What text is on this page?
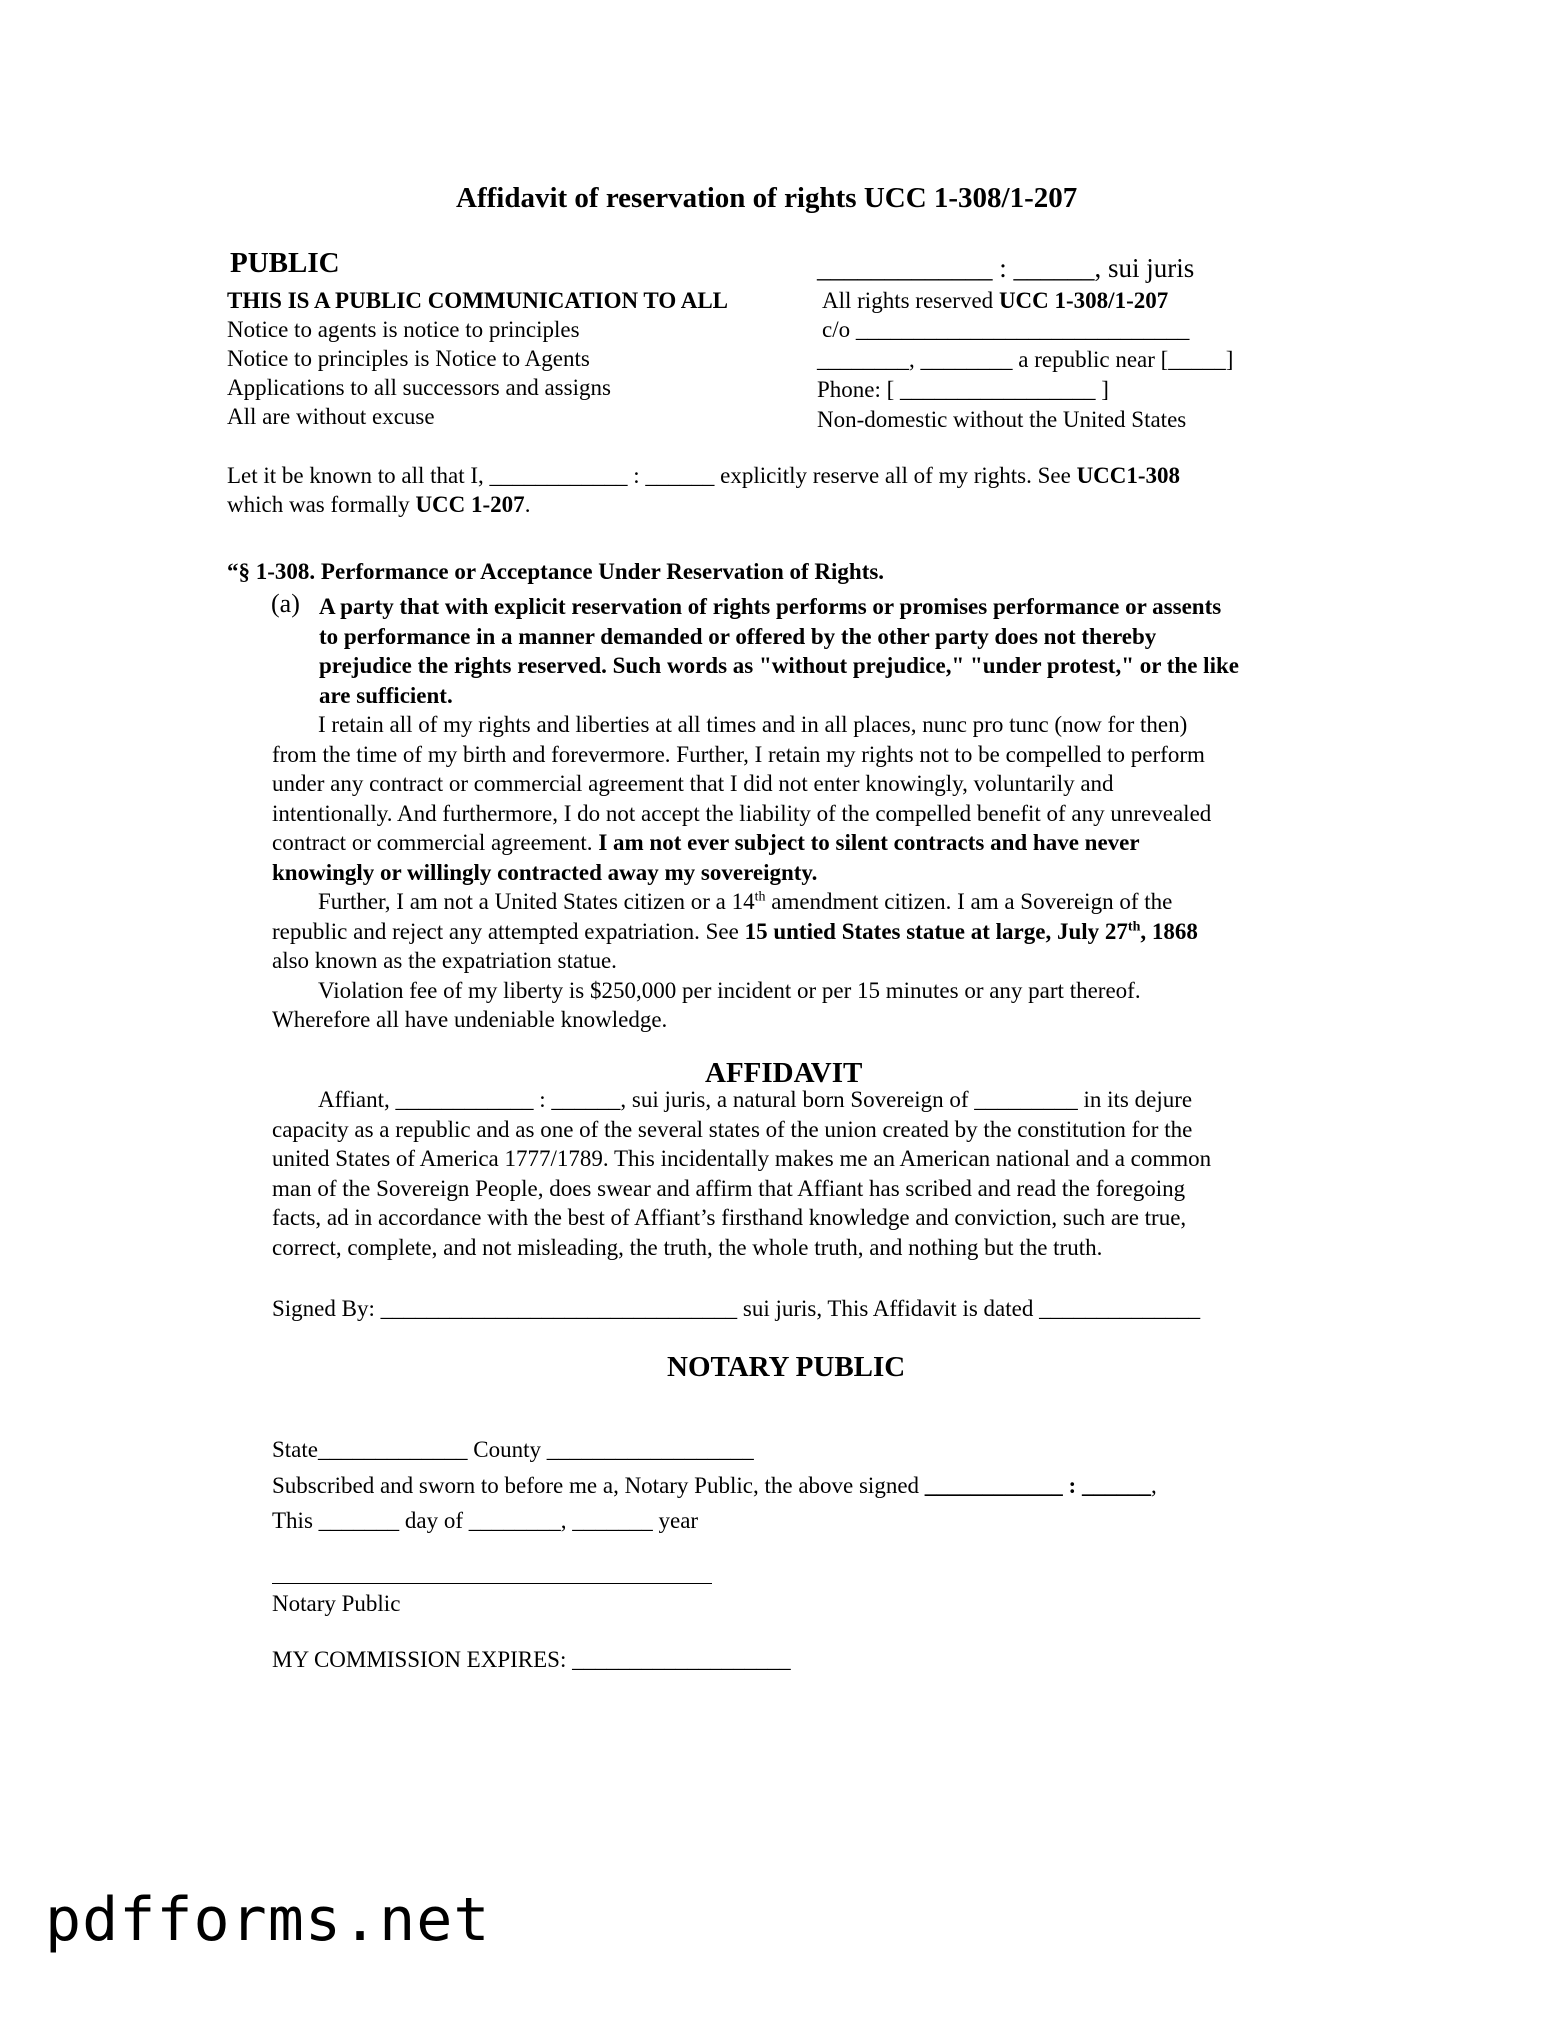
Affidavit of reservation of rights UCC 1-308/1-207
PUBLIC
THIS IS A PUBLIC COMMUNICATION TO ALL
Notice to agents is notice to principles
Notice to principles is Notice to Agents
Applications to all successors and assigns
All are without excuse
_____________ : ______, sui juris
All rights reserved UCC 1-308/1-207
c/o _____________________________
________, ________ a republic near [_____]
Phone: [ _________________ ]
Non-domestic without the United States
Let it be known to all that I, ____________ : ______ explicitly reserve all of my rights. See UCC1-308
which was formally UCC 1-207.
“§ 1-308. Performance or Acceptance Under Reservation of Rights.
(a) A party that with explicit reservation of rights performs or promises performance or assents

to performance in a manner demanded or offered by the other party does not thereby

prejudice the rights reserved. Such words as "without prejudice," "under protest," or the like

are sufficient.

I retain all of my rights and liberties at all times and in all places, nunc pro tunc (now for then)

from the time of my birth and forevermore. Further, I retain my rights not to be compelled to perform

under any contract or commercial agreement that I did not enter knowingly, voluntarily and

intentionally. And furthermore, I do not accept the liability of the compelled benefit of any unrevealed

contract or commercial agreement. I am not ever subject to silent contracts and have never

knowingly or willingly contracted away my sovereignty.

Further, I am not a United States citizen or a 14th amendment citizen. I am a Sovereign of the

republic and reject any attempted expatriation. See 15 untied States statue at large, July 27th, 1868

also known as the expatriation statue.

Violation fee of my liberty is $250,000 per incident or per 15 minutes or any part thereof.

Wherefore all have undeniable knowledge.

AFFIDAVIT

Affiant, ____________ : ______, sui juris, a natural born Sovereign of _________ in its dejure

capacity as a republic and as one of the several states of the union created by the constitution for the

united States of America 1777/1789. This incidentally makes me an American national and a common

man of the Sovereign People, does swear and affirm that Affiant has scribed and read the foregoing

facts, ad in accordance with the best of Affiant’s firsthand knowledge and conviction, such are true,

correct, complete, and not misleading, the truth, the whole truth, and nothing but the truth.

Signed By: _______________________________ sui juris, This Affidavit is dated ______________
NOTARY PUBLIC
State_____________ County __________________
Subscribed and sworn to before me a, Notary Public, the above signed ____________ : ______,
This _______ day of ________, _______ year
Notary Public
MY COMMISSION EXPIRES: ___________________
pdfforms.net
